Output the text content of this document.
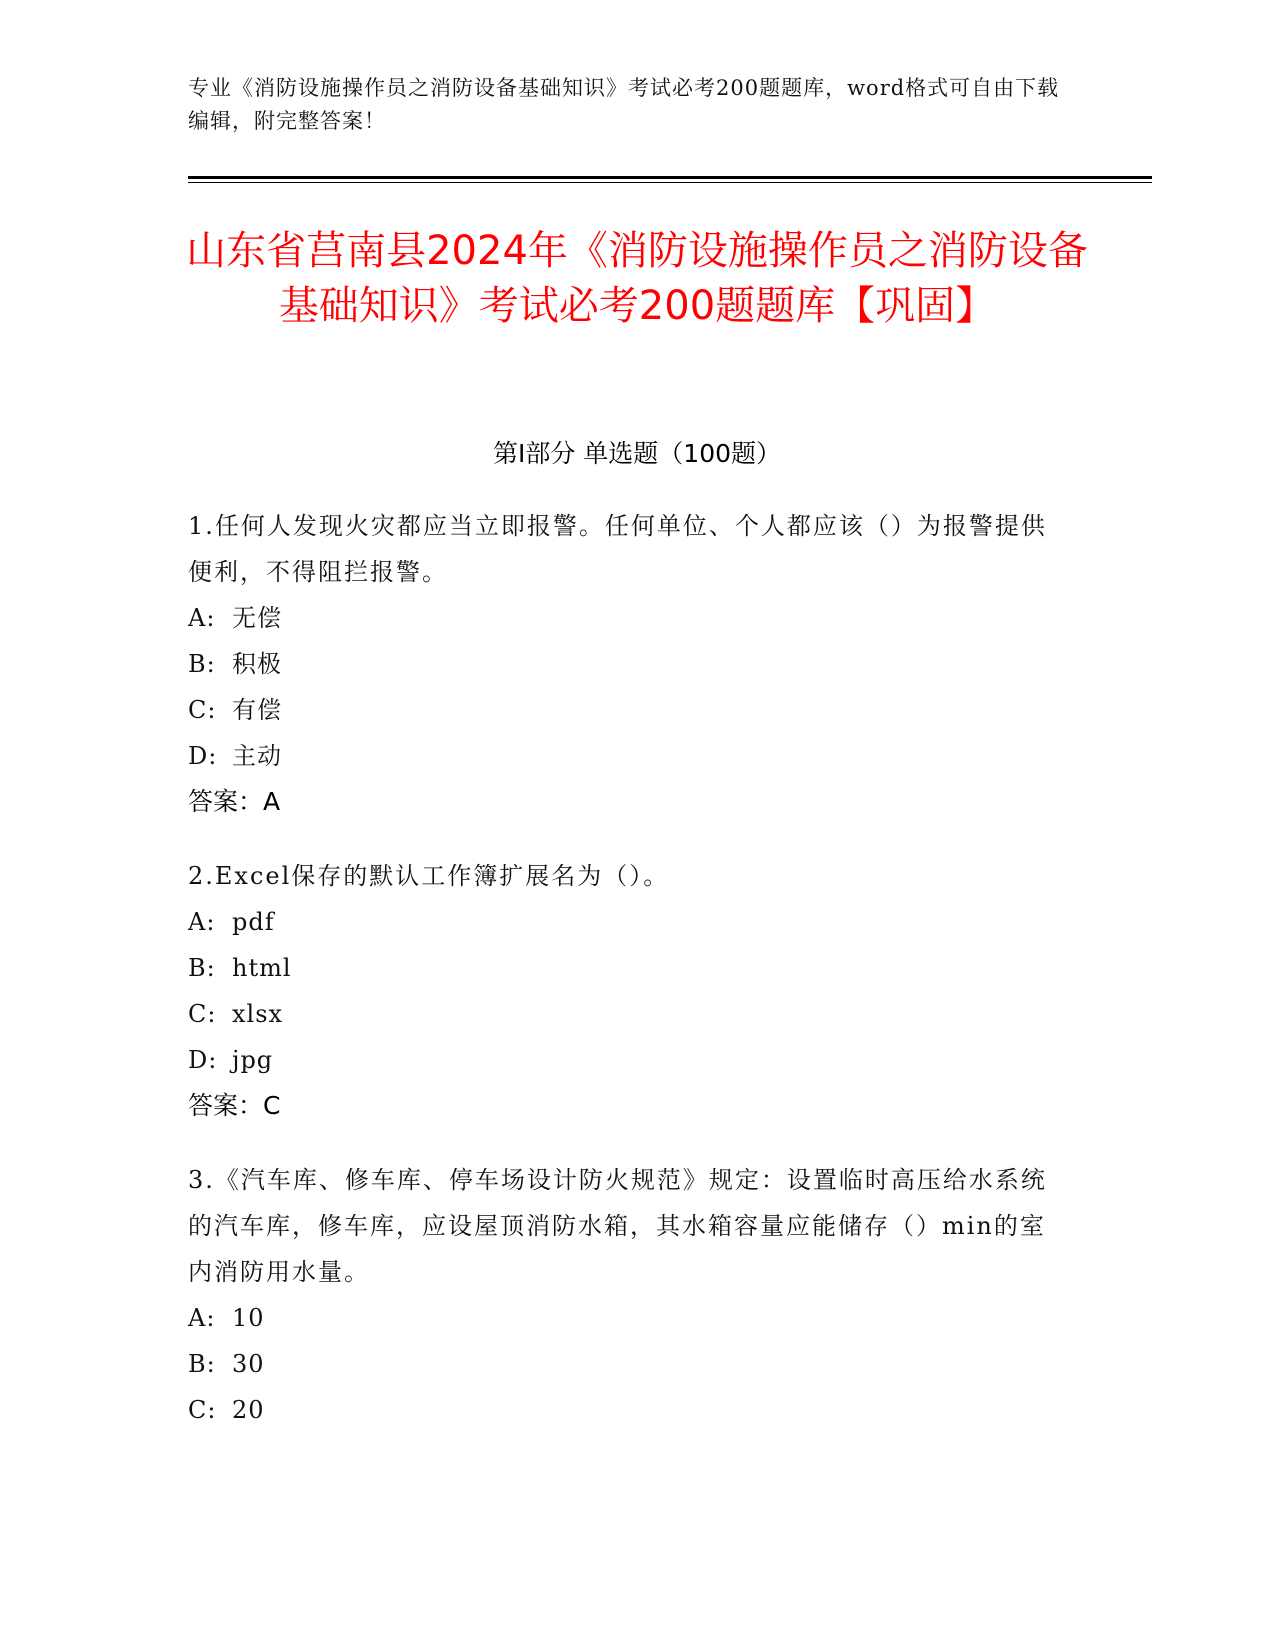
专业《消防设施操作员之消防设备基础知识》考试必考200题题库，word格式可自由下载编辑，附完整答案！
山东省莒南县2024年《消防设施操作员之消防设备基础知识》考试必考200题题库【巩固】
第I部分 单选题（100题）
1.任何人发现火灾都应当立即报警。任何单位、个人都应该（）为报警提供便利，不得阻拦报警。
A: 无偿
B: 积极
C: 有偿
D: 主动
答案：A
2.Excel保存的默认工作簿扩展名为（）。
A: pdf
B: html
C: xlsx
D: jpg
答案：C
3.《汽车库、修车库、停车场设计防火规范》规定：设置临时高压给水系统的汽车库，修车库，应设屋顶消防水箱，其水箱容量应能储存（）min的室内消防用水量。
A: 10
B: 30
C: 20
